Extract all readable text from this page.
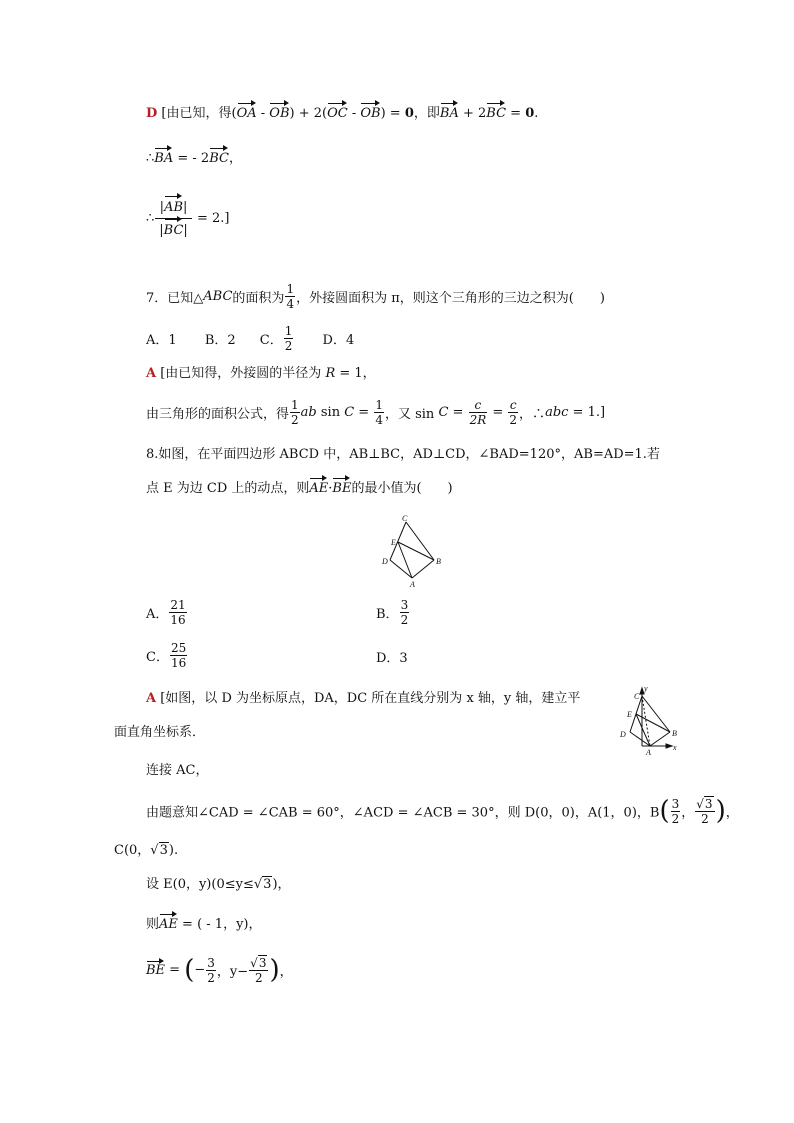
D [由已知，得(OA - OB) + 2(OC - OB) = 0，即BA + 2BC = 0.
∴BA = - 2BC，
∴ $\frac{|AB|}{|BC|} = 2$.]
7．已知△ABC的面积为 $\frac{1}{4}$ ，外接圆面积为 π，则这个三角形的三边之积为(　　)
A．1 B．2 C． $\frac{1}{2}$ D．4
A [由已知得，外接圆的半径为 R = 1，
由三角形的面积公式，得 $\frac{1}{2}$ ab $\sin C = \frac{1}{4}$ ，又 $\sin C = \frac{c}{2R} = \frac{c}{2}$ ，∴abc = 1.]
8.如图，在平面四边形 ABCD 中，AB⊥BC，AD⊥CD，∠BAD=120°，AB=AD=1.若
点 E 为边 CD 上的动点，则AE·BE的最小值为(　　)
C
E
D	B
A
A． $\frac{21}{16}$	B． $\frac{3}{2}$
C． $\frac{25}{16}$	D．3
A [如图，以 D 为坐标原点，DA，DC 所在直线分别为 x 轴，y 轴，建立平
面直角坐标系．
y
C
E
D	B
A
x
连接 AC，
由题意知∠CAD = ∠CAB = 60°，∠ACD = ∠ACB = 30°，则 D(0，0)，A(1，0)，$B( \frac{3}{2}$ ， $\frac{√3}{2}$ )，
C(0，√3).
设 E(0，y)(0≤y≤√3)，
则AE = ( - 1，y)，
BE = (− $\frac{3}{2}$ ，$y- \frac{√3}{2}$ )，
